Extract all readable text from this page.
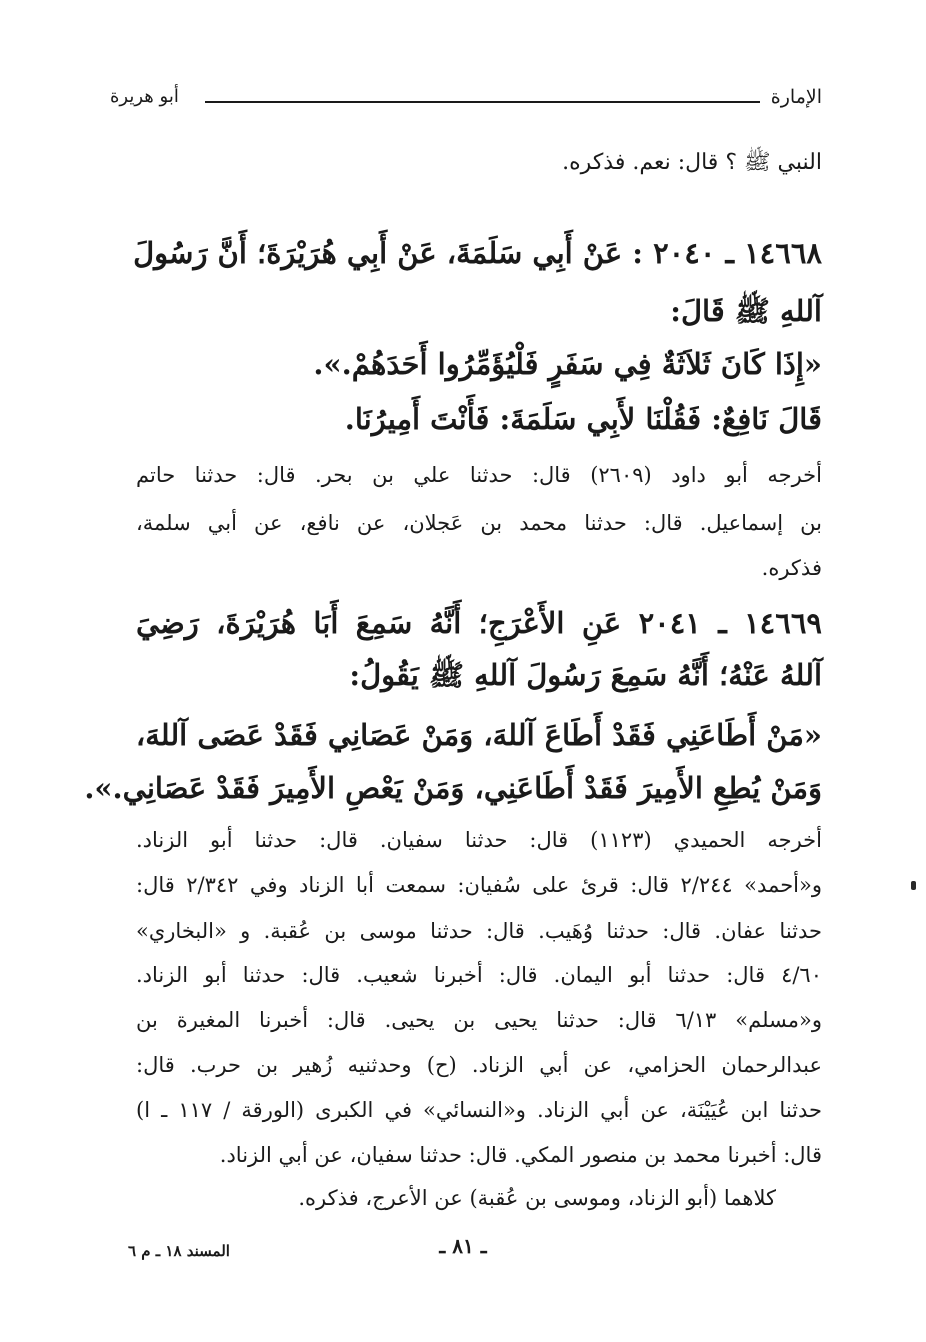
الإمارة
أبو هريرة
النبي ﷺ ؟ قال: نعم. فذكره.
١٤٦٦٨ ـ ٢٠٤٠ : عَنْ أَبِي سَلَمَةَ، عَنْ أَبِي هُرَيْرَةَ؛ أَنَّ رَسُولَ
آللهِ ﷺ قَالَ:
«إِذَا كَانَ ثَلاَثَةٌ فِي سَفَرٍ فَلْيُؤَمِّرُوا أَحَدَهُمْ.».
قَالَ نَافِعٌ: فَقُلْنَا لأَبِي سَلَمَةَ: فَأَنْتَ أَمِيرُنَا.
أخرجه أبو داود (٢٦٠٩) قال: حدثنا علي بن بحر. قال: حدثنا حاتم
بن إسماعيل. قال: حدثنا محمد بن عَجلان، عن نافع، عن أبي سلمة،
فذكره.
١٤٦٦٩ ـ ٢٠٤١ عَنِ الأَعْرَجِ؛ أَنَّهُ سَمِعَ أَبَا هُرَيْرَةَ، رَضِيَ
آللهُ عَنْهُ؛ أَنَّهُ سَمِعَ رَسُولَ آللهِ ﷺ يَقُولُ:
«مَنْ أَطَاعَنِي فَقَدْ أَطَاعَ آللهَ، وَمَنْ عَصَانِي فَقَدْ عَصَى آللهَ،
وَمَنْ يُطِعِ الأَمِيرَ فَقَدْ أَطَاعَنِي، وَمَنْ يَعْصِ الأَمِيرَ فَقَدْ عَصَانِي.».
أخرجه الحميدي (١١٢٣) قال: حدثنا سفيان. قال: حدثنا أبو الزناد.
و«أحمد» ٢/٢٤٤ قال: قرئ على سُفيان: سمعت أبا الزناد وفي ٢/٣٤٢ قال:
حدثنا عفان. قال: حدثنا وُهَيب. قال: حدثنا موسى بن عُقبة. و «البخاري»
٤/٦٠ قال: حدثنا أبو اليمان. قال: أخبرنا شعيب. قال: حدثنا أبو الزناد.
و«مسلم» ٦/١٣ قال: حدثنا يحيى بن يحيى. قال: أخبرنا المغيرة بن
عبدالرحمان الحزامي، عن أبي الزناد. (ح) وحدثنيه زُهير بن حرب. قال:
حدثنا ابن عُيَيْنَة، عن أبي الزناد. و«النسائي» في الكبرى (الورقة / ١١٧ ـ ا)
قال: أخبرنا محمد بن منصور المكي. قال: حدثنا سفيان، عن أبي الزناد.
كلاهما (أبو الزناد، وموسى بن عُقبة) عن الأعرج، فذكره.
ـ ٨١ ـ
المسند ١٨ ـ م ٦
